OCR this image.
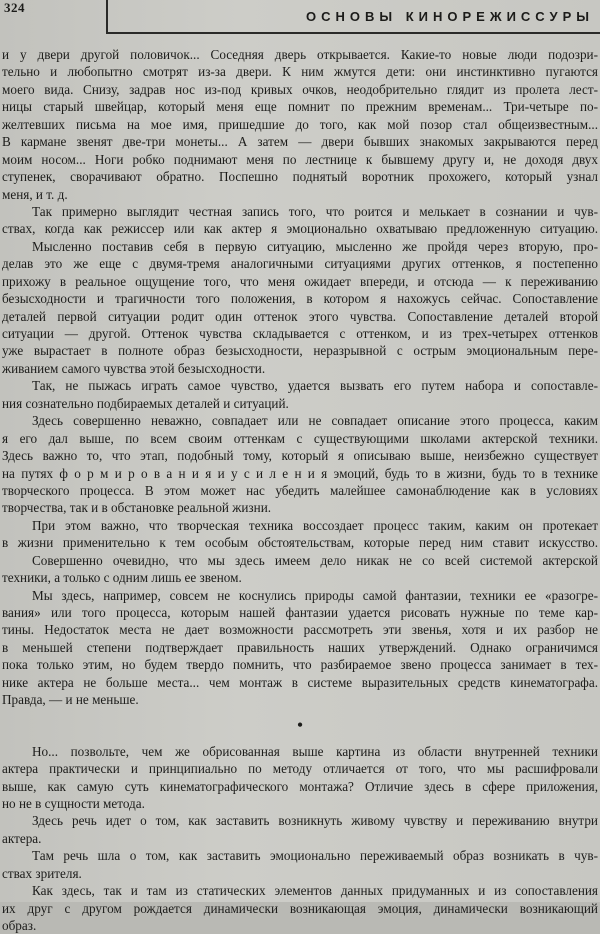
324
ОСНОВЫ КИНОРЕЖИССУРЫ
и у двери другой половичок... Соседняя дверь открывается. Какие-то новые люди подозри-
тельно и любопытно смотрят из-за двери. К ним жмутся дети: они инстинктивно пугаются
моего вида. Снизу, задрав нос из-под кривых очков, неодобрительно глядит из пролета лест-
ницы старый швейцар, который меня еще помнит по прежним временам... Три-четыре по-
желтевших письма на мое имя, пришедшие до того, как мой позор стал общеизвестным...
В кармане звенят две-три монеты... А затем — двери бывших знакомых закрываются перед
моим носом... Ноги робко поднимают меня по лестнице к бывшему другу и, не доходя двух
ступенек, сворачивают обратно. Поспешно поднятый воротник прохожего, который узнал
меня, и т. д.
Так примерно выглядит честная запись того, что роится и мелькает в сознании и чув-
ствах, когда как режиссер или как актер я эмоционально охватываю предложенную ситуацию.
Мысленно поставив себя в первую ситуацию, мысленно же пройдя через вторую, про-
делав это же еще с двумя-тремя аналогичными ситуациями других оттенков, я постепенно
прихожу в реальное ощущение того, что меня ожидает впереди, и отсюда — к переживанию
безысходности и трагичности того положения, в котором я нахожусь сейчас. Сопоставление
деталей первой ситуации родит один оттенок этого чувства. Сопоставление деталей второй
ситуации — другой. Оттенок чувства складывается с оттенком, и из трех-четырех оттенков
уже вырастает в полноте образ безысходности, неразрывной с острым эмоциональным пере-
живанием самого чувства этой безысходности.
Так, не пыжась играть самое чувство, удается вызвать его путем набора и сопоставле-
ния сознательно подбираемых деталей и ситуаций.
Здесь совершенно неважно, совпадает или не совпадает описание этого процесса, каким
я его дал выше, по всем своим оттенкам с существующими школами актерской техники.
Здесь важно то, что этап, подобный тому, который я описываю выше, неизбежно существует
на путях ф о р м и р о в а н и я и у с и л е н и я эмоций, будь то в жизни, будь то в технике
творческого процесса. В этом может нас убедить малейшее самонаблюдение как в условиях
творчества, так и в обстановке реальной жизни.
При этом важно, что творческая техника воссоздает процесс таким, каким он протекает
в жизни применительно к тем особым обстоятельствам, которые перед ним ставит искусство.
Совершенно очевидно, что мы здесь имеем дело никак не со всей системой актерской
техники, а только с одним лишь ее звеном.
Мы здесь, например, совсем не коснулись природы самой фантазии, техники ее «разогре-
вания» или того процесса, которым нашей фантазии удается рисовать нужные по теме кар-
тины. Недостаток места не дает возможности рассмотреть эти звенья, хотя и их разбор не
в меньшей степени подтверждает правильность наших утверждений. Однако ограничимся
пока только этим, но будем твердо помнить, что разбираемое звено процесса занимает в тех-
нике актера не больше места... чем монтаж в системе выразительных средств кинематографа.
Правда, — и не меньше.
•
Но... позвольте, чем же обрисованная выше картина из области внутренней техники
актера практически и принципиально по методу отличается от того, что мы расшифровали
выше, как самую суть кинематографического монтажа? Отличие здесь в сфере приложения,
но не в сущности метода.
Здесь речь идет о том, как заставить возникнуть живому чувству и переживанию внутри
актера.
Там речь шла о том, как заставить эмоционально переживаемый образ возникать в чув-
ствах зрителя.
Как здесь, так и там из статических элементов данных придуманных и из сопоставления
их друг с другом рождается динамически возникающая эмоция, динамически возникающий
образ.
